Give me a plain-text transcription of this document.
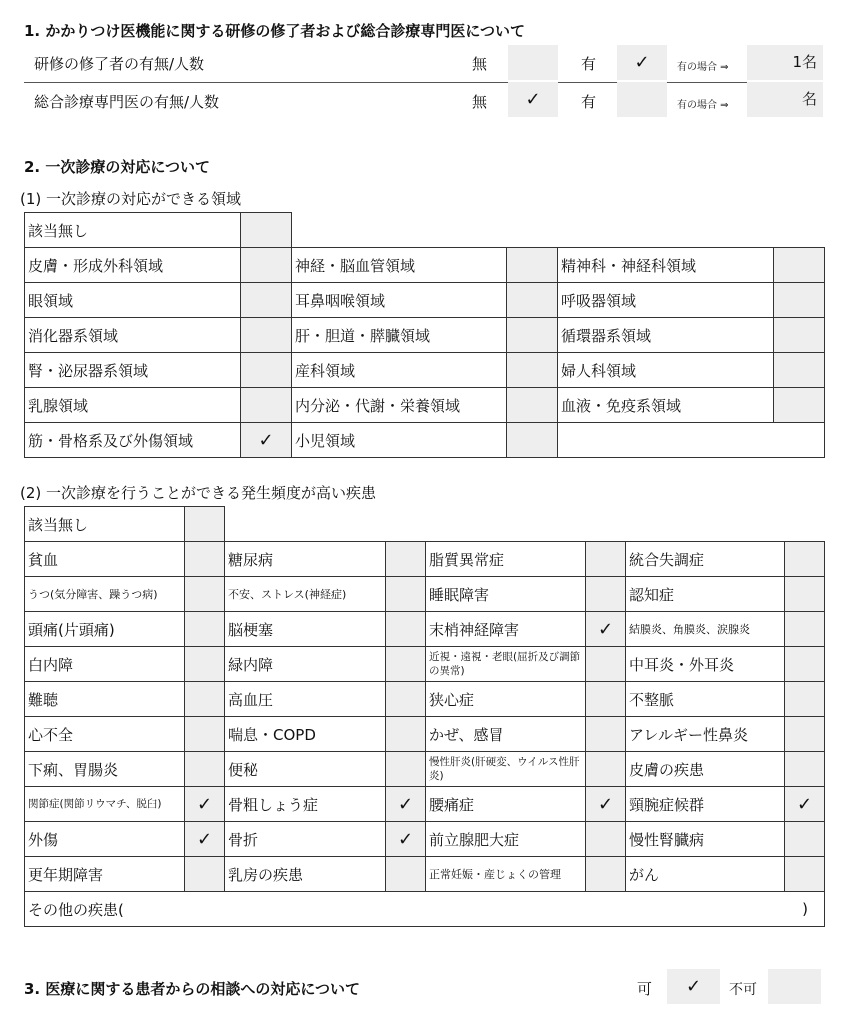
1. かかりつけ医機能に関する研修の修了者および総合診療専門医について
研修の修了者の有無/人数	無	有	✓	有の場合 ⇒	1名
総合診療専門医の有無/人数	無	✓	有	有の場合 ⇒	名
2. 一次診療の対応について
(1) 一次診療の対応ができる領域
該当無し					
皮膚・形成外科領域		神経・脳血管領域		精神科・神経科領域	
眼領域		耳鼻咽喉領域		呼吸器領域	
消化器系領域		肝・胆道・膵臓領域		循環器系領域	
腎・泌尿器系領域		産科領域		婦人科領域	
乳腺領域		内分泌・代謝・栄養領域		血液・免疫系領域	
筋・骨格系及び外傷領域	✓	小児領域			
(2) 一次診療を行うことができる発生頻度が高い疾患
該当無し							
貧血		糖尿病		脂質異常症		統合失調症	
うつ(気分障害、躁うつ病)		不安、ストレス(神経症)		睡眠障害		認知症	
頭痛(片頭痛)		脳梗塞		末梢神経障害	✓	結膜炎、角膜炎、涙腺炎	
白内障		緑内障		近視・遠視・老眼(屈折及び調節の異常)		中耳炎・外耳炎	
難聴		高血圧		狭心症		不整脈	
心不全		喘息・COPD		かぜ、感冒		アレルギー性鼻炎	
下痢、胃腸炎		便秘		慢性肝炎(肝硬変、ウイルス性肝炎)		皮膚の疾患	
関節症(関節リウマチ、脱臼)	✓	骨粗しょう症	✓	腰痛症	✓	頸腕症候群	✓
外傷	✓	骨折	✓	前立腺肥大症		慢性腎臓病	
更年期障害		乳房の疾患		正常妊娠・産じょくの管理		がん	
その他の疾患( )							
3. 医療に関する患者からの相談への対応について	可	✓	不可
